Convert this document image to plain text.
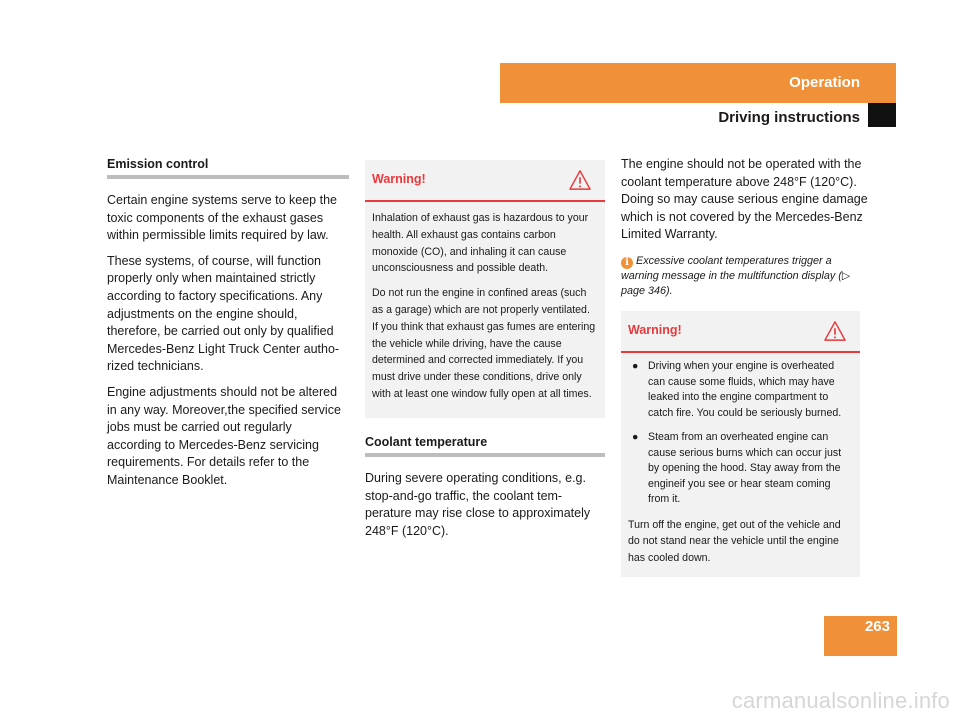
Operation
Driving instructions
Emission control

Certain engine systems serve to keep the toxic components of the exhaust gases within permissible limits required by law.

These systems, of course, will function properly only when maintained strictly according to factory specifications. Any adjustments on the engine should, therefore, be carried out only by qualified Mercedes-Benz Light Truck Center autho-rized technicians.

Engine adjustments should not be altered in any way. Moreover,the specified service jobs must be carried out regularly according to Mercedes-Benz servicing requirements. For details refer to the Maintenance Booklet.

Warning!

Inhalation of exhaust gas is hazardous to your health. All exhaust gas contains carbon monoxide (CO), and inhaling it can cause unconsciousness and possible death.

Do not run the engine in confined areas (such as a garage) which are not properly ventilated. If you think that exhaust gas fumes are entering the vehicle while driving, have the cause determined and corrected immediately. If you must drive under these conditions, drive only with at least one window fully open at all times.

Coolant temperature

During severe operating conditions, e.g. stop-and-go traffic, the coolant tem-perature may rise close to approximately 248°F (120°C).

The engine should not be operated with the coolant temperature above 248°F (120°C). Doing so may cause serious engine damage which is not covered by the Mercedes-Benz Limited Warranty.

i Excessive coolant temperatures trigger a warning message in the multifunction display (▷ page 346).
Warning!
● Driving when your engine is overheated can cause some fluids, which may have leaked into the engine compartment to catch fire. You could be seriously burned.
● Steam from an overheated engine can cause serious burns which can occur just by opening the hood. Stay away from the engineif you see or hear steam coming from it.

Turn off the engine, get out of the vehicle and do not stand near the vehicle until the engine has cooled down.

263
carmanualsonline.info
